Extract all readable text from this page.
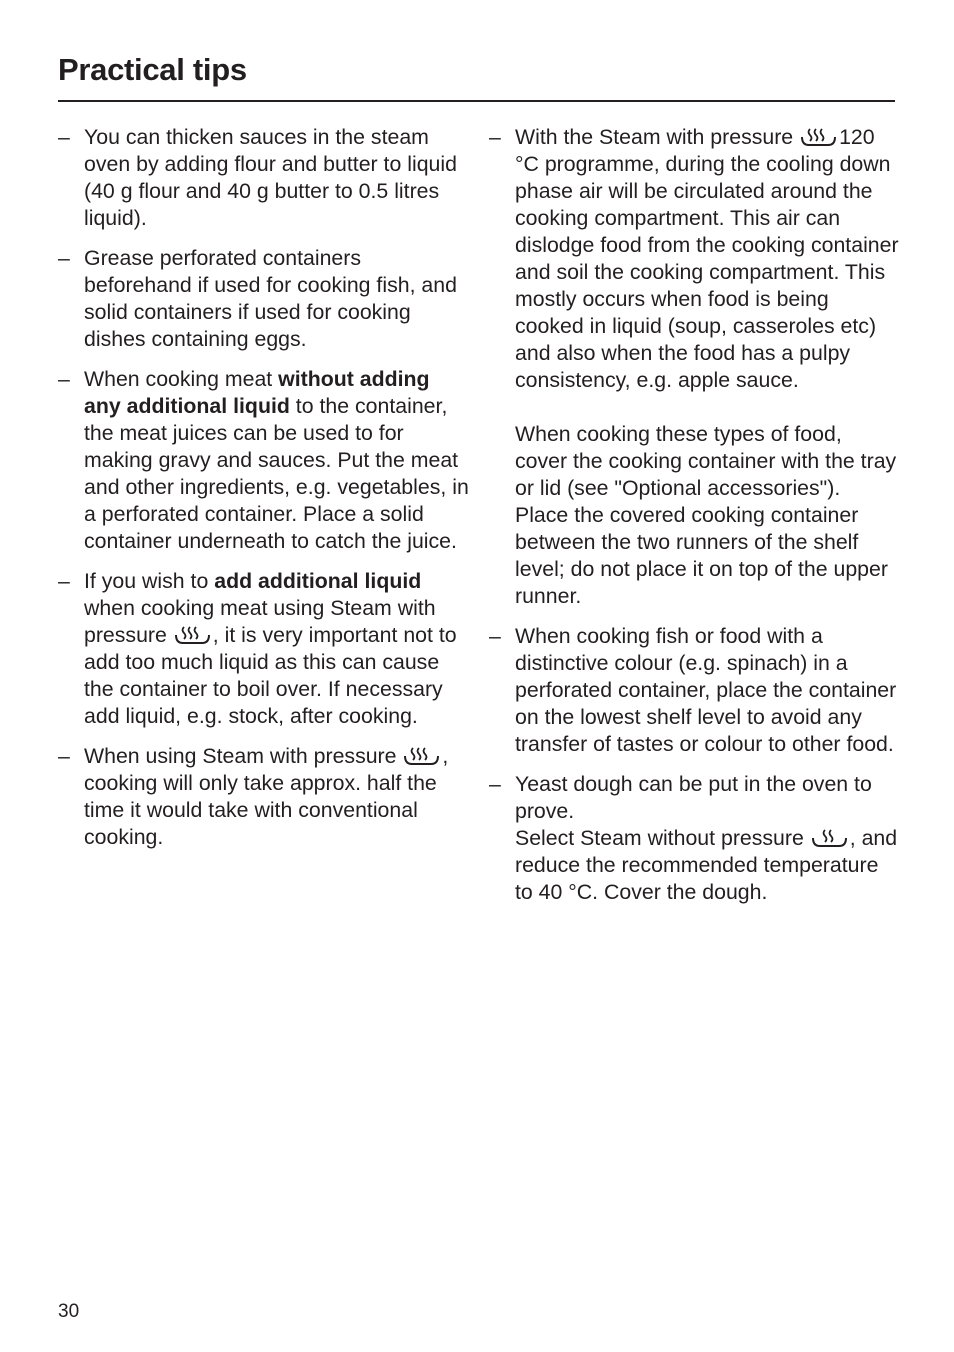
Practical tips
– You can thicken sauces in the steam oven by adding flour and butter to liquid (40 g flour and 40 g butter to 0.5 litres liquid).
– Grease perforated containers beforehand if used for cooking fish, and solid containers if used for cooking dishes containing eggs.
– When cooking meat without adding any additional liquid to the container, the meat juices can be used to for making gravy and sauces. Put the meat and other ingredients, e.g. vegetables, in a perforated container. Place a solid container underneath to catch the juice.
– If you wish to add additional liquid when cooking meat using Steam with pressure
, it is very important not to add too much liquid as this can cause the container to boil over. If necessary add liquid, e.g. stock, after cooking.
– When using Steam with pressure
, cooking will only take approx. half the time it would take with conventional cooking.
– With the Steam with pressure
120 °C programme, during the cooling down phase air will be circulated around the cooking compartment. This air can dislodge food from the cooking container and soil the cooking compartment. This mostly occurs when food is being cooked in liquid (soup, casseroles etc) and also when the food has a pulpy consistency, e.g. apple sauce.
When cooking these types of food, cover the cooking container with the tray or lid (see "Optional accessories"). Place the covered cooking container between the two runners of the shelf level; do not place it on top of the upper runner.
– When cooking fish or food with a distinctive colour (e.g. spinach) in a perforated container, place the container on the lowest shelf level to avoid any transfer of tastes or colour to other food.
– Yeast dough can be put in the oven to prove.
Select Steam without pressure
, and reduce the recommended temperature to 40 °C. Cover the dough.
30
